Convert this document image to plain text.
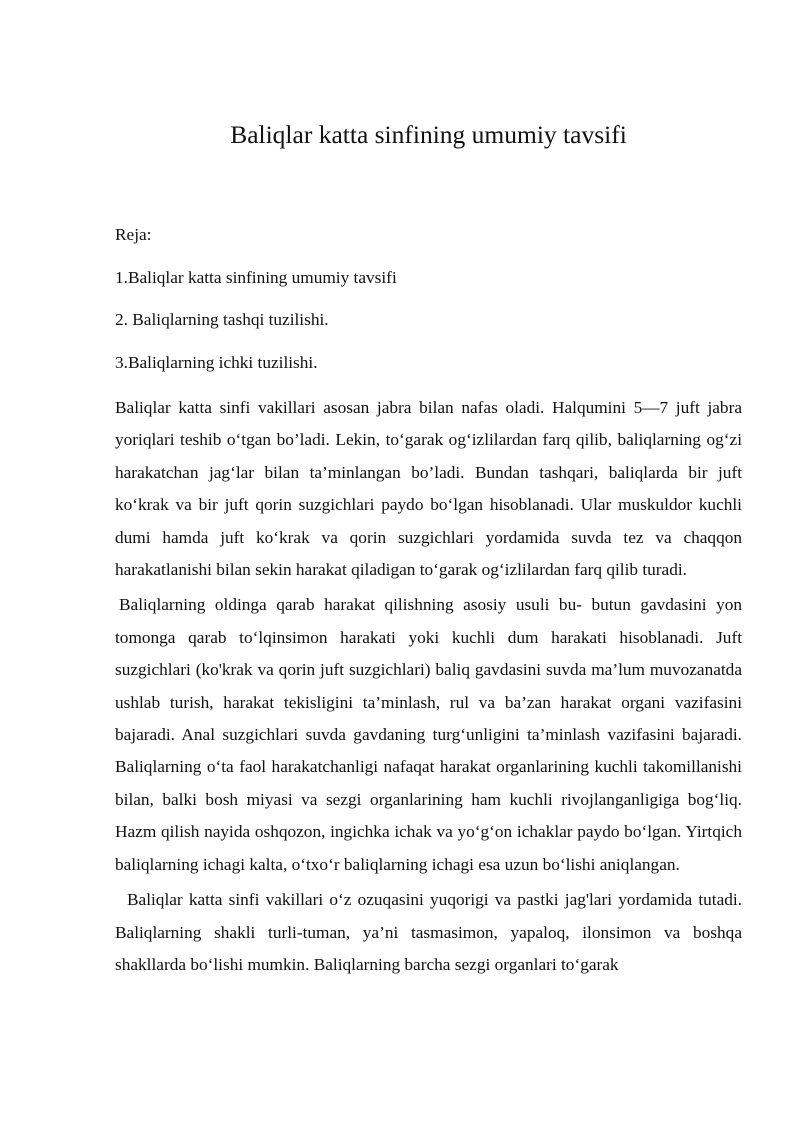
Baliqlar katta sinfining umumiy tavsifi
Reja:
1.Baliqlar katta sinfining umumiy tavsifi
2. Baliqlarning tashqi tuzilishi.
3.Baliqlarning ichki tuzilishi.

Baliqlar katta sinfi vakillari asosan jabra bilan nafas oladi. Halqumini 5—7 juft jabra yoriqlari teshib o‘tgan bo’ladi. Lekin, to‘garak og‘izlilardan farq qilib, baliqlarning og‘zi harakatchan jag‘lar bilan ta’minlangan bo’ladi. Bundan tashqari, baliqlarda bir juft ko‘krak va bir juft qorin suzgichlari paydo bo‘lgan hisoblanadi. Ular muskuldor kuchli dumi hamda juft ko‘krak va qorin suzgichlari yordamida suvda tez va chaqqon harakatlanishi bilan sekin harakat qiladigan to‘garak og‘izlilardan farq qilib turadi.

Baliqlarning oldinga qarab harakat qilishning asosiy usuli bu- butun gavdasini yon tomonga qarab to‘lqinsimon harakati yoki kuchli dum harakati hisoblanadi. Juft suzgichlari (ko'krak va qorin juft suzgichlari) baliq gavdasini suvda ma’lum muvozanatda ushlab turish, harakat tekisligini ta’minlash, rul va ba’zan harakat organi vazifasini bajaradi. Anal suzgichlari suvda gavdaning turg‘unligini ta’minlash vazifasini bajaradi. Baliqlarning o‘ta faol harakatchanligi nafaqat harakat organlarining kuchli takomillanishi bilan, balki bosh miyasi va sezgi organlarining ham kuchli rivojlanganligiga bog‘liq. Hazm qilish nayida oshqozon, ingichka ichak va yo‘g‘on ichaklar paydo bo‘lgan. Yirtqich baliqlarning ichagi kalta, o‘txo‘r baliqlarning ichagi esa uzun bo‘lishi aniqlangan.

Baliqlar katta sinfi vakillari o‘z ozuqasini yuqorigi va pastki jag'lari yordamida tutadi. Baliqlarning shakli turli-tuman, ya’ni tasmasimon, yapaloq, ilonsimon va boshqa shakllarda bo‘lishi mumkin. Baliqlarning barcha sezgi organlari to‘garak
